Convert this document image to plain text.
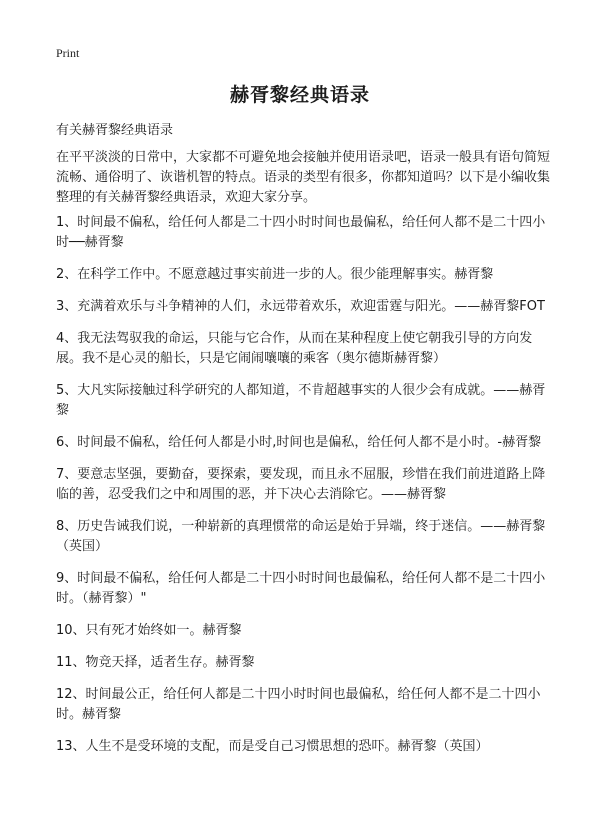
Print
赫胥黎经典语录

有关赫胥黎经典语录

在平平淡淡的日常中，大家都不可避免地会接触并使用语录吧，语录一般具有语句简短流畅、通俗明了、诙谐机智的特点。语录的类型有很多，你都知道吗？以下是小编收集整理的有关赫胥黎经典语录，欢迎大家分享。

1、时间最不偏私，给任何人都是二十四小时时间也最偏私，给任何人都不是二十四小时──赫胥黎
2、在科学工作中。不愿意越过事实前进一步的人。很少能理解事实。赫胥黎
3、充满着欢乐与斗争精神的人们，永远带着欢乐，欢迎雷霆与阳光。——赫胥黎FOT
4、我无法驾驭我的命运，只能与它合作，从而在某种程度上使它朝我引导的方向发展。我不是心灵的船长，只是它闹闹嚷嚷的乘客（奥尔德斯赫胥黎）
5、大凡实际接触过科学研究的人都知道，不肯超越事实的人很少会有成就。——赫胥黎
6、时间最不偏私，给任何人都是小时,时间也是偏私，给任何人都不是小时。-赫胥黎
7、要意志坚强，要勤奋，要探索，要发现，而且永不屈服，珍惜在我们前进道路上降临的善，忍受我们之中和周围的恶，并下决心去消除它。——赫胥黎
8、历史告诫我们说，一种崭新的真理惯常的命运是始于异端，终于迷信。——赫胥黎（英国）
9、时间最不偏私，给任何人都是二十四小时时间也最偏私，给任何人都不是二十四小时。（赫胥黎）"
10、只有死才始终如一。赫胥黎
11、物竞天择，适者生存。赫胥黎
12、时间最公正，给任何人都是二十四小时时间也最偏私，给任何人都不是二十四小时。赫胥黎
13、人生不是受环境的支配，而是受自己习惯思想的恐吓。赫胥黎（英国）
